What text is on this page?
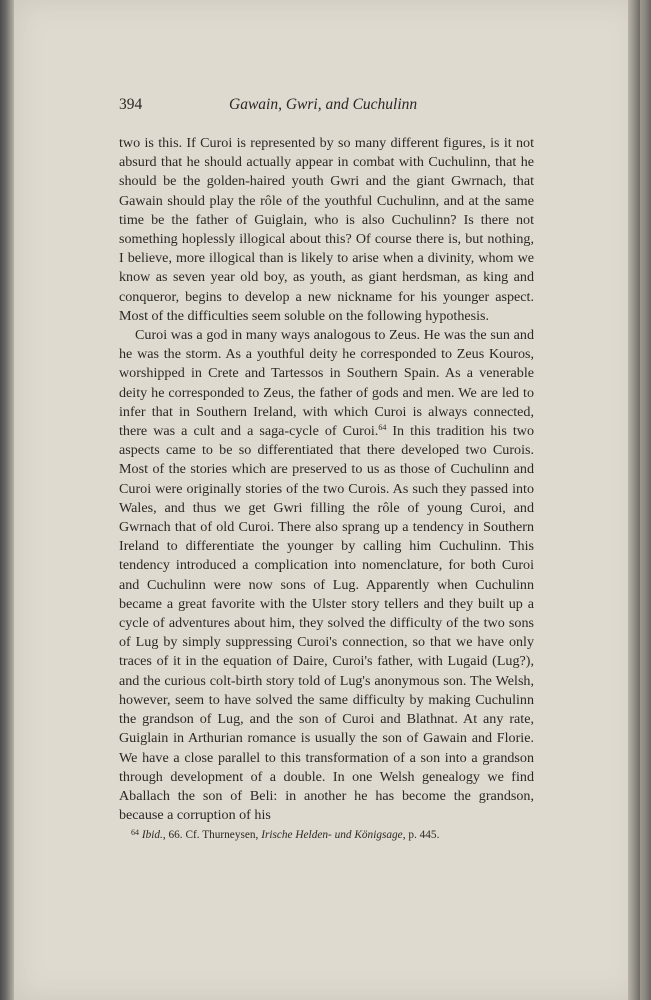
394	Gawain, Gwri, and Cuchulinn

two is this. If Curoi is represented by so many different figures, is it not absurd that he should actually appear in combat with Cuchulinn, that he should be the golden-haired youth Gwri and the giant Gwrnach, that Gawain should play the rôle of the youthful Cuchulinn, and at the same time be the father of Guiglain, who is also Cuchulinn? Is there not something hoplessly illogical about this? Of course there is, but nothing, I believe, more illogical than is likely to arise when a divinity, whom we know as seven year old boy, as youth, as giant herdsman, as king and conqueror, begins to develop a new nickname for his younger aspect. Most of the difficulties seem soluble on the following hypothesis.

Curoi was a god in many ways analogous to Zeus. He was the sun and he was the storm. As a youthful deity he corresponded to Zeus Kouros, worshipped in Crete and Tartessos in Southern Spain. As a venerable deity he corresponded to Zeus, the father of gods and men. We are led to infer that in Southern Ireland, with which Curoi is always connected, there was a cult and a saga-cycle of Curoi.$^{64}$ In this tradition his two aspects came to be so differentiated that there developed two Curois. Most of the stories which are preserved to us as those of Cuchulinn and Curoi were originally stories of the two Curois. As such they passed into Wales, and thus we get Gwri filling the rôle of young Curoi, and Gwrnach that of old Curoi. There also sprang up a tendency in Southern Ireland to differentiate the younger by calling him Cuchulinn. This tendency introduced a complication into nomenclature, for both Curoi and Cuchulinn were now sons of Lug. Apparently when Cuchulinn became a great favorite with the Ulster story tellers and they built up a cycle of adventures about him, they solved the difficulty of the two sons of Lug by simply suppressing Curoi's connection, so that we have only traces of it in the equation of Daire, Curoi's father, with Lugaid (Lug?), and the curious colt-birth story told of Lug's anonymous son. The Welsh, however, seem to have solved the same difficulty by making Cuchulinn the grandson of Lug, and the son of Curoi and Blathnat. At any rate, Guiglain in Arthurian romance is usually the son of Gawain and Florie. We have a close parallel to this transformation of a son into a grandson through development of a double. In one Welsh genealogy we find Aballach the son of Beli: in another he has become the grandson, because a corruption of his

$^{64}$ Ibid., 66. Cf. Thurneysen, Irische Helden- und Königsage, p. 445.
